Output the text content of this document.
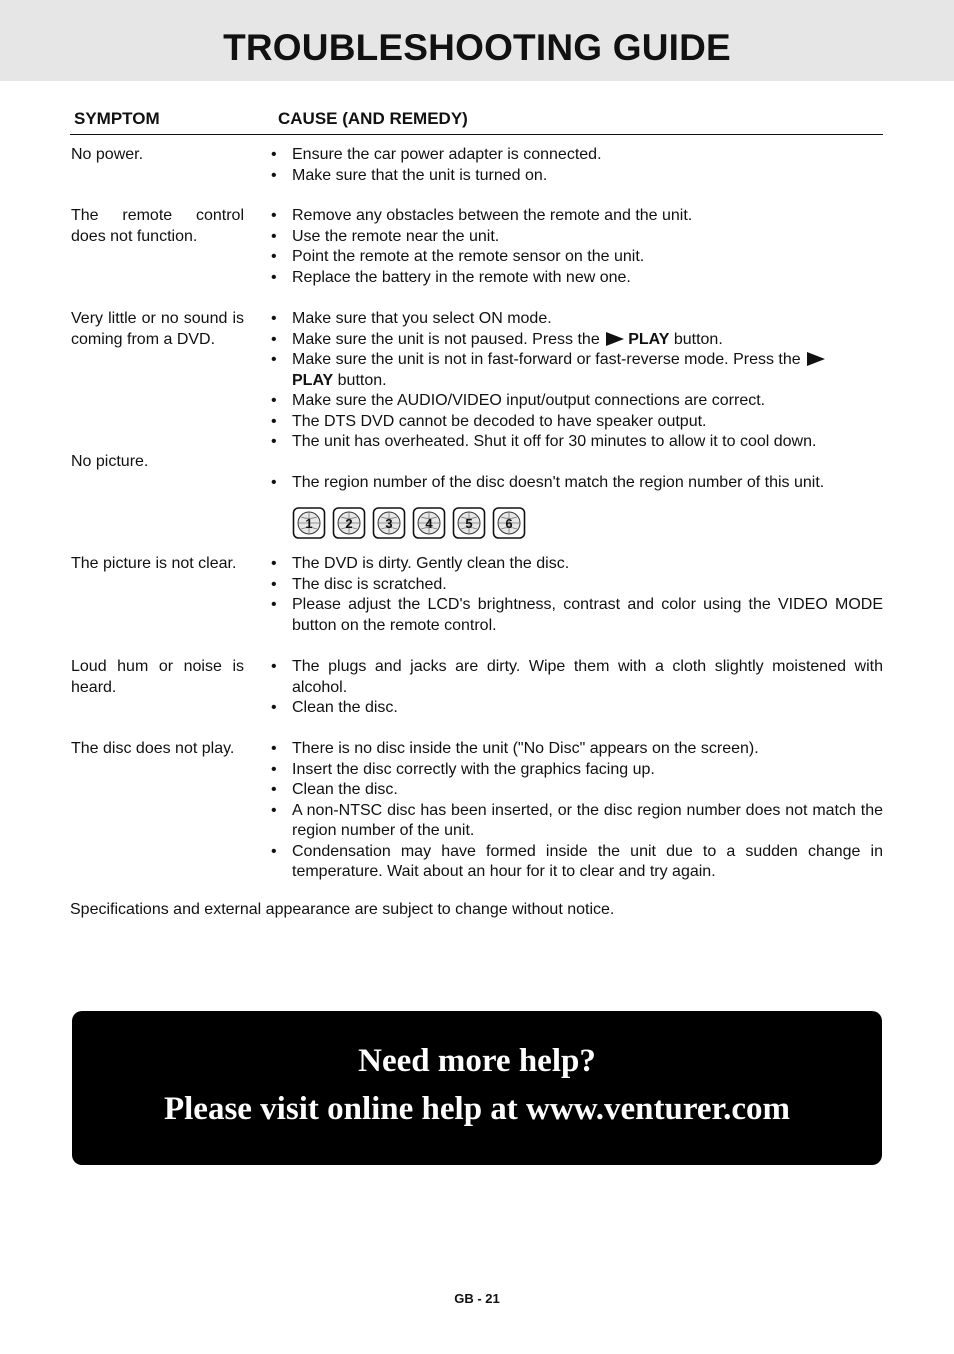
TROUBLESHOOTING GUIDE
SYMPTOM	CAUSE (AND REMEDY)
No power.	• Ensure the car power adapter is connected.
• Make sure that the unit is turned on.
The remote control does not function.
• Remove any obstacles between the remote and the unit.
• Use the remote near the unit.
• Point the remote at the remote sensor on the unit.
• Replace the battery in the remote with new one.
Very little or no sound is coming from a DVD.
• Make sure that you select ON mode.
• Make sure the unit is not paused. Press the PLAY button.
• Make sure the unit is not in fast-forward or fast-reverse mode. Press the
PLAY button.
• Make sure the AUDIO/VIDEO input/output connections are correct.
• The DTS DVD cannot be decoded to have speaker output.
• The unit has overheated. Shut it off for 30 minutes to allow it to cool down.
No picture.
• The region number of the disc doesn't match the region number of this unit.
1	2	3	4	5	6
The picture is not clear.	• The DVD is dirty. Gently clean the disc.
• The disc is scratched.
• Please adjust the LCD's brightness, contrast and color using the VIDEO MODE button on the remote control.
Loud hum or noise is heard.
• The plugs and jacks are dirty. Wipe them with a cloth slightly moistened with alcohol.
• Clean the disc.
The disc does not play.	• There is no disc inside the unit ("No Disc" appears on the screen).
• Insert the disc correctly with the graphics facing up.
• Clean the disc.
• A non-NTSC disc has been inserted, or the disc region number does not match the region number of the unit.
• Condensation may have formed inside the unit due to a sudden change in temperature. Wait about an hour for it to clear and try again.
Specifications and external appearance are subject to change without notice.
Need more help?
Please visit online help at www.venturer.com
GB - 21
